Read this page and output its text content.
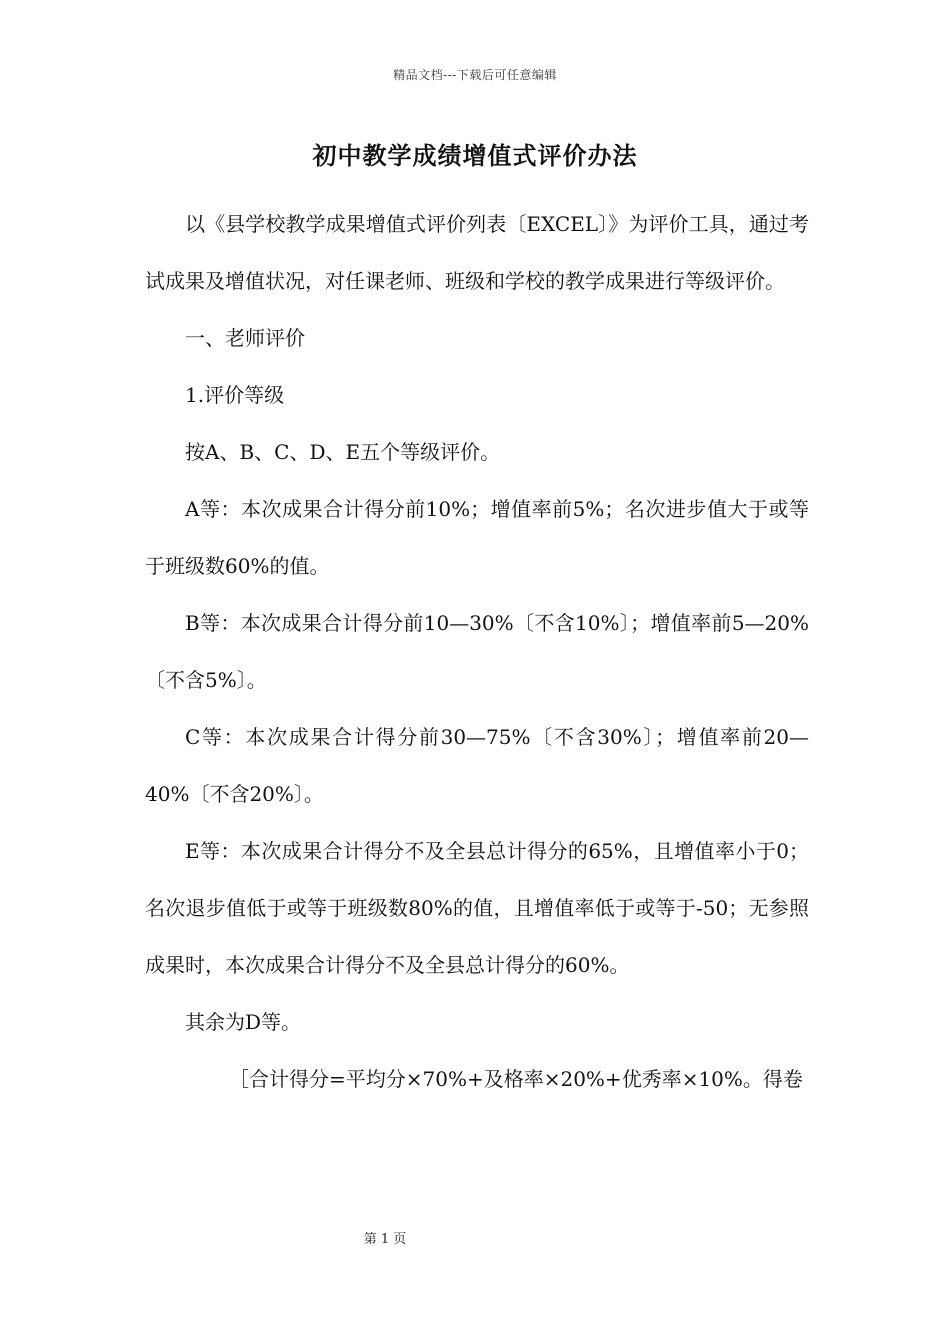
精品文档---下载后可任意编辑
初中教学成绩增值式评价办法

以《县学校教学成果增值式评价列表〔EXCEL〕》为评价工具，通过考试成果及增值状况，对任课老师、班级和学校的教学成果进行等级评价。

一、老师评价

1.评价等级

按A、B、C、D、E五个等级评价。

A等：本次成果合计得分前10%；增值率前5%；名次进步值大于或等于班级数60%的值。

B等：本次成果合计得分前10—30%〔不含10%〕；增值率前5—20%〔不含5%〕。

C等：本次成果合计得分前30—75%〔不含30%〕；增值率前20—40%〔不含20%〕。

E等：本次成果合计得分不及全县总计得分的65%，且增值率小于0；名次退步值低于或等于班级数80%的值，且增值率低于或等于-50；无参照成果时，本次成果合计得分不及全县总计得分的60%。

其余为D等。

［合计得分=平均分×70%+及格率×20%+优秀率×10%。得卷

第 1 页
